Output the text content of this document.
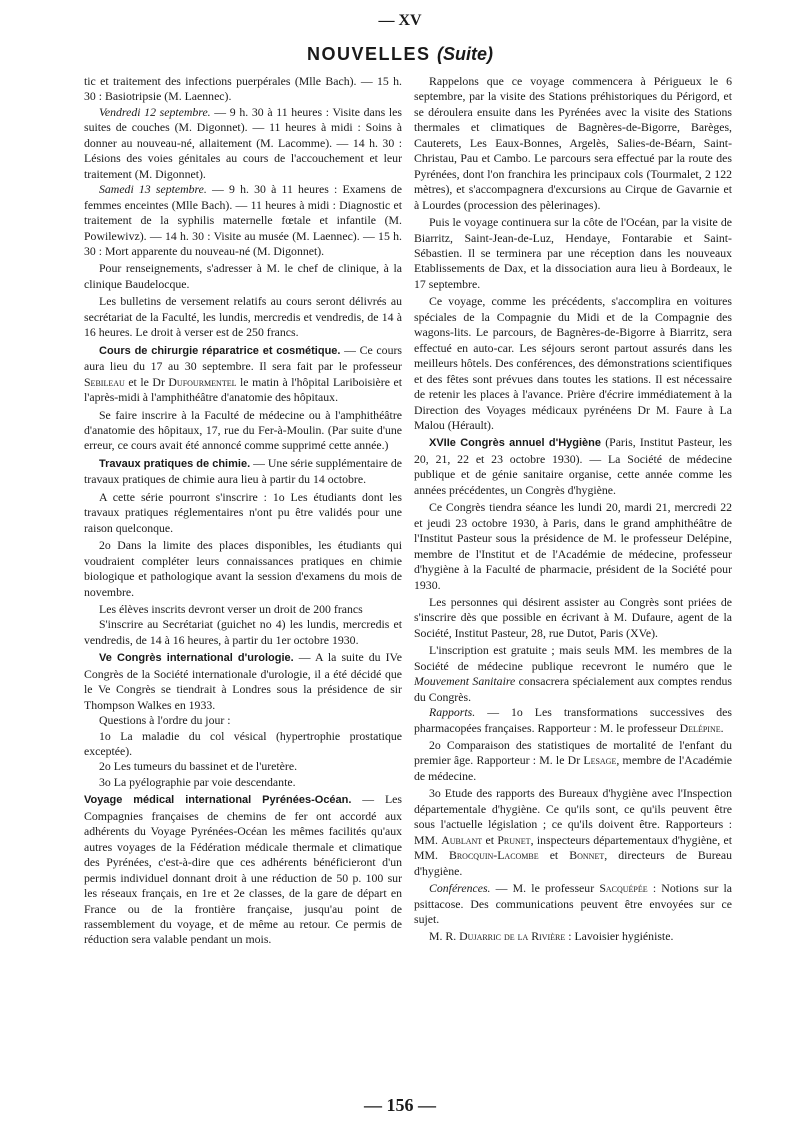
— XV
NOUVELLES (Suite)

tic et traitement des infections puerpérales (Mlle Bach). — 15 h. 30 : Basiotripsie (M. Laennec).

Vendredi 12 septembre. — 9 h. 30 à 11 heures : Visite dans les suites de couches (M. Digonnet). — 11 heures à midi : Soins à donner au nouveau-né, allaitement (M. Lacomme). — 14 h. 30 : Lésions des voies génitales au cours de l'accouchement et leur traitement (M. Digonnet).

Samedi 13 septembre. — 9 h. 30 à 11 heures : Examens de femmes enceintes (Mlle Bach). — 11 heures à midi : Diagnostic et traitement de la syphilis maternelle fœtale et infantile (M. Powilewivz). — 14 h. 30 : Visite au musée (M. Laennec). — 15 h. 30 : Mort apparente du nouveau-né (M. Digonnet).

Pour renseignements, s'adresser à M. le chef de clinique, à la clinique Baudelocque.

Les bulletins de versement relatifs au cours seront délivrés au secrétariat de la Faculté, les lundis, mercredis et vendredis, de 14 à 16 heures. Le droit à verser est de 250 francs.

Cours de chirurgie réparatrice et cosmétique. — Ce cours aura lieu du 17 au 30 septembre. Il sera fait par le professeur Sebileau et le Dr Dufourmentel le matin à l'hôpital Lariboisière et l'après-midi à l'amphithéâtre d'anatomie des hôpitaux.

Se faire inscrire à la Faculté de médecine ou à l'amphithéâtre d'anatomie des hôpitaux, 17, rue du Fer-à-Moulin. (Par suite d'une erreur, ce cours avait été annoncé comme supprimé cette année.)

Travaux pratiques de chimie. — Une série supplémentaire de travaux pratiques de chimie aura lieu à partir du 14 octobre.

A cette série pourront s'inscrire : 1o Les étudiants dont les travaux pratiques réglementaires n'ont pu être validés pour une raison quelconque.

2o Dans la limite des places disponibles, les étudiants qui voudraient compléter leurs connaissances pratiques en chimie biologique et pathologique avant la session d'examens du mois de novembre.

Les élèves inscrits devront verser un droit de 200 francs

S'inscrire au Secrétariat (guichet no 4) les lundis, mercredis et vendredis, de 14 à 16 heures, à partir du 1er octobre 1930.

Ve Congrès international d'urologie. — A la suite du IVe Congrès de la Société internationale d'urologie, il a été décidé que le Ve Congrès se tiendrait à Londres sous la présidence de sir Thompson Walkes en 1933.

Questions à l'ordre du jour :

1o La maladie du col vésical (hypertrophie prostatique exceptée).

2o Les tumeurs du bassinet et de l'uretère.

3o La pyélographie par voie descendante.

Voyage médical international Pyrénées-Océan. — Les Compagnies françaises de chemins de fer ont accordé aux adhérents du Voyage Pyrénées-Océan les mêmes facilités qu'aux autres voyages de la Fédération médicale thermale et climatique des Pyrénées, c'est-à-dire que ces adhérents bénéficieront d'un permis individuel donnant droit à une réduction de 50 p. 100 sur les réseaux français, en 1re et 2e classes, de la gare de départ en France ou de la frontière française, jusqu'au point de rassemblement du voyage, et de même au retour. Ce permis de réduction sera valable pendant un mois.

Rappelons que ce voyage commencera à Périgueux le 6 septembre, par la visite des Stations préhistoriques du Périgord, et se déroulera ensuite dans les Pyrénées avec la visite des Stations thermales et climatiques de Bagnères-de-Bigorre, Barèges, Cauterets, Les Eaux-Bonnes, Argelès, Salies-de-Béarn, Saint-Christau, Pau et Cambo. Le parcours sera effectué par la route des Pyrénées, dont l'on franchira les principaux cols (Tourmalet, 2 122 mètres), et s'accompagnera d'excursions au Cirque de Gavarnie et à Lourdes (procession des pèlerinages).

Puis le voyage continuera sur la côte de l'Océan, par la visite de Biarritz, Saint-Jean-de-Luz, Hendaye, Fontarabie et Saint-Sébastien. Il se terminera par une réception dans les nouveaux Etablissements de Dax, et la dissociation aura lieu à Bordeaux, le 17 septembre.

Ce voyage, comme les précédents, s'accomplira en voitures spéciales de la Compagnie du Midi et de la Compagnie des wagons-lits. Le parcours, de Bagnères-de-Bigorre à Biarritz, sera effectué en auto-car. Les séjours seront partout assurés dans les meilleurs hôtels. Des conférences, des démonstrations scientifiques et des fêtes sont prévues dans toutes les stations. Il est nécessaire de retenir les places à l'avance. Prière d'écrire immédiatement à la Direction des Voyages médicaux pyrénéens Dr M. Faure à La Malou (Hérault).

XVIIe Congrès annuel d'Hygiène (Paris, Institut Pasteur, les 20, 21, 22 et 23 octobre 1930). — La Société de médecine publique et de génie sanitaire organise, cette année comme les années précédentes, un Congrès d'hygiène.

Ce Congrès tiendra séance les lundi 20, mardi 21, mercredi 22 et jeudi 23 octobre 1930, à Paris, dans le grand amphithéâtre de l'Institut Pasteur sous la présidence de M. le professeur Delépine, membre de l'Institut et de l'Académie de médecine, professeur d'hygiène à la Faculté de pharmacie, président de la Société pour 1930.

Les personnes qui désirent assister au Congrès sont priées de s'inscrire dès que possible en écrivant à M. Dufaure, agent de la Société, Institut Pasteur, 28, rue Dutot, Paris (XVe).

L'inscription est gratuite ; mais seuls MM. les membres de la Société de médecine publique recevront le numéro que le Mouvement Sanitaire consacrera spécialement aux comptes rendus du Congrès.

Rapports. — 1o Les transformations successives des pharmacopées françaises. Rapporteur : M. le professeur Delépine.

2o Comparaison des statistiques de mortalité de l'enfant du premier âge. Rapporteur : M. le Dr Lesage, membre de l'Académie de médecine.

3o Etude des rapports des Bureaux d'hygiène avec l'Inspection départementale d'hygiène. Ce qu'ils sont, ce qu'ils peuvent être sous l'actuelle législation ; ce qu'ils doivent être. Rapporteurs : MM. Aublant et Prunet, inspecteurs départementaux d'hygiène, et MM. Brocquin-Lacombe et Bonnet, directeurs de Bureau d'hygiène.

Conférences. — M. le professeur Sacquépée : Notions sur la psittacose. Des communications peuvent être envoyées sur ce sujet.

M. R. Dujarric de la Rivière : Lavoisier hygiéniste.

— 156 —
